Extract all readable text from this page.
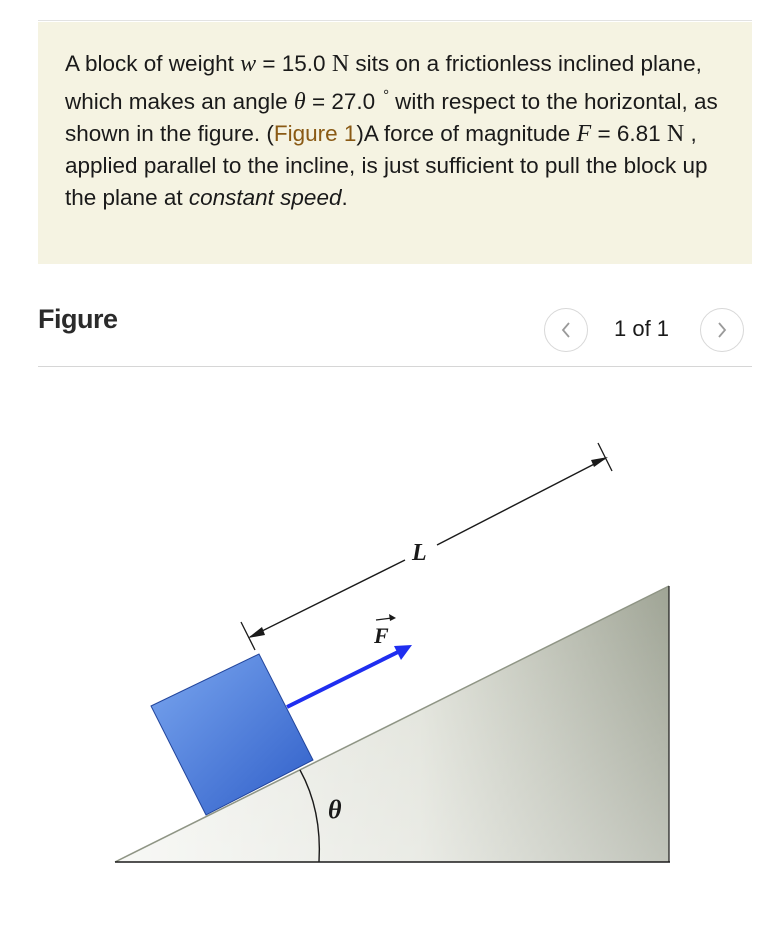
A block of weight w = 15.0 N sits on a frictionless inclined plane, which makes an angle θ = 27.0 ° with respect to the horizontal, as shown in the figure. (Figure 1)A force of magnitude F = 6.81 N , applied parallel to the incline, is just sufficient to pull the block up the plane at constant speed.

Figure	1 of 1
θ
F
L
